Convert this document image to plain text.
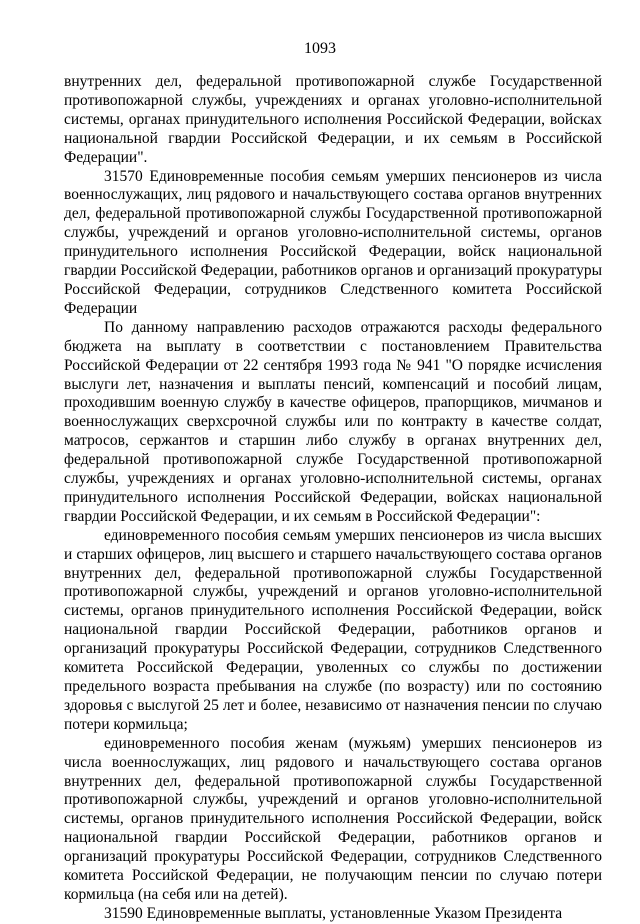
1093

внутренних дел, федеральной противопожарной службе Государственной противопожарной службы, учреждениях и органах уголовно-исполнительной системы, органах принудительного исполнения Российской Федерации, войсках национальной гвардии Российской Федерации, и их семьям в Российской Федерации".

31570 Единовременные пособия семьям умерших пенсионеров из числа военнослужащих, лиц рядового и начальствующего состава органов внутренних дел, федеральной противопожарной службы Государственной противопожарной службы, учреждений и органов уголовно-исполнительной системы, органов принудительного исполнения Российской Федерации, войск национальной гвардии Российской Федерации, работников органов и организаций прокуратуры Российской Федерации, сотрудников Следственного комитета Российской Федерации

По данному направлению расходов отражаются расходы федерального бюджета на выплату в соответствии с постановлением Правительства Российской Федерации от 22 сентября 1993 года № 941 "О порядке исчисления выслуги лет, назначения и выплаты пенсий, компенсаций и пособий лицам, проходившим военную службу в качестве офицеров, прапорщиков, мичманов и военнослужащих сверхсрочной службы или по контракту в качестве солдат, матросов, сержантов и старшин либо службу в органах внутренних дел, федеральной противопожарной службе Государственной противопожарной службы, учреждениях и органах уголовно-исполнительной системы, органах принудительного исполнения Российской Федерации, войсках национальной гвардии Российской Федерации, и их семьям в Российской Федерации":

единовременного пособия семьям умерших пенсионеров из числа высших и старших офицеров, лиц высшего и старшего начальствующего состава органов внутренних дел, федеральной противопожарной службы Государственной противопожарной службы, учреждений и органов уголовно-исполнительной системы, органов принудительного исполнения Российской Федерации, войск национальной гвардии Российской Федерации, работников органов и организаций прокуратуры Российской Федерации, сотрудников Следственного комитета Российской Федерации, уволенных со службы по достижении предельного возраста пребывания на службе (по возрасту) или по состоянию здоровья с выслугой 25 лет и более, независимо от назначения пенсии по случаю потери кормильца;

единовременного пособия женам (мужьям) умерших пенсионеров из числа военнослужащих, лиц рядового и начальствующего состава органов внутренних дел, федеральной противопожарной службы Государственной противопожарной службы, учреждений и органов уголовно-исполнительной системы, органов принудительного исполнения Российской Федерации, войск национальной гвардии Российской Федерации, работников органов и организаций прокуратуры Российской Федерации, сотрудников Следственного комитета Российской Федерации, не получающим пенсии по случаю потери кормильца (на себя или на детей).

31590 Единовременные выплаты, установленные Указом Президента
